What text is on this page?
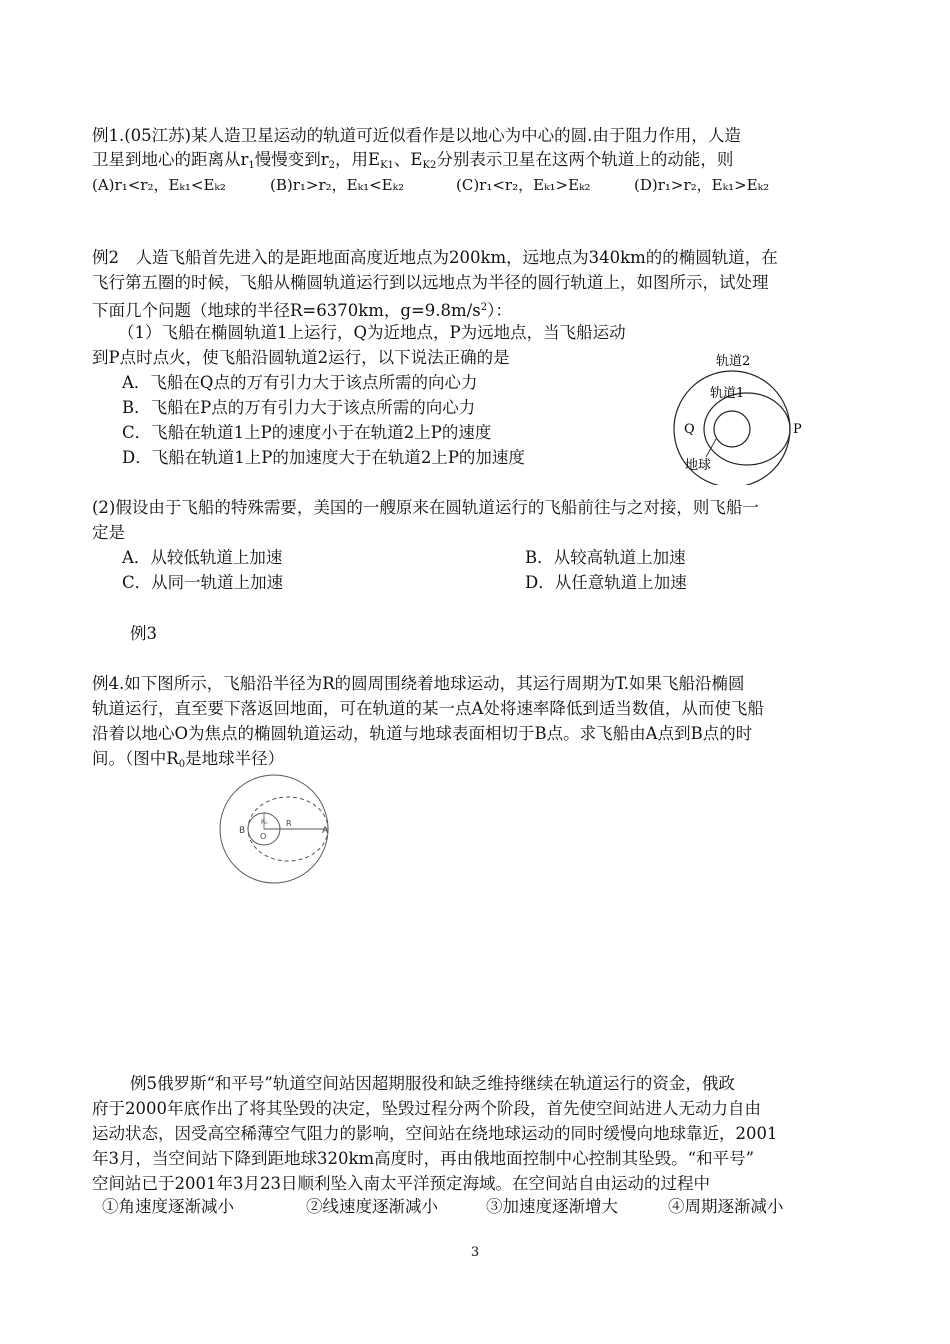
例1.(05江苏)某人造卫星运动的轨道可近似看作是以地心为中心的圆.由于阻力作用，人造
卫星到地心的距离从$r_1$慢慢变到$r_2$，用$E_{K1}$、$E_{K2}$分别表示卫星在这两个轨道上的动能，则
(A)r₁<r₂，Eₖ₁<Eₖ₂	(B)r₁>r₂，Eₖ₁<Eₖ₂	(C)r₁<r₂，Eₖ₁>Eₖ₂	(D)r₁>r₂，Eₖ₁>Eₖ₂
例2　人造飞船首先进入的是距地面高度近地点为200km，远地点为340km的的椭圆轨道，在
飞行第五圈的时候，飞船从椭圆轨道运行到以远地点为半径的圆行轨道上，如图所示，试处理
下面几个问题（地球的半径R=6370km，$g=9.8m/s^2$）：
（1）飞船在椭圆轨道1上运行，Q为近地点，P为远地点，当飞船运动
到P点时点火，使飞船沿圆轨道2运行，以下说法正确的是
A．飞船在Q点的万有引力大于该点所需的向心力
B．飞船在P点的万有引力大于该点所需的向心力
C．飞船在轨道1上P的速度小于在轨道2上P的速度
D．飞船在轨道1上P的加速度大于在轨道2上P的加速度
轨道2
轨道1
Q	P
地球
(2)假设由于飞船的特殊需要，美国的一艘原来在圆轨道运行的飞船前往与之对接，则飞船一
定是
A．从较低轨道上加速	B．从较高轨道上加速
C．从同一轨道上加速	D．从任意轨道上加速
例3
例4.如下图所示，飞船沿半径为R的圆周围绕着地球运动，其运行周期为T.如果飞船沿椭圆
轨道运行，直至要下落返回地面，可在轨道的某一点A处将速率降低到适当数值，从而使飞船
沿着以地心O为焦点的椭圆轨道运动，轨道与地球表面相切于B点。求飞船由A点到B点的时
间。（图中$R_0$是地球半径）
B	A
O
R
R₀
例5俄罗斯“和平号”轨道空间站因超期服役和缺乏维持继续在轨道运行的资金，俄政
府于2000年底作出了将其坠毁的决定，坠毁过程分两个阶段，首先使空间站进人无动力自由
运动状态，因受高空稀薄空气阻力的影响，空间站在绕地球运动的同时缓慢向地球靠近，2001
年3月，当空间站下降到距地球320km高度时，再由俄地面控制中心控制其坠毁。“和平号”
空间站已于2001年3月23日顺利坠入南太平洋预定海域。在空间站自由运动的过程中
①角速度逐渐减小	②线速度逐渐减小	③加速度逐渐增大	④周期逐渐减小
3
